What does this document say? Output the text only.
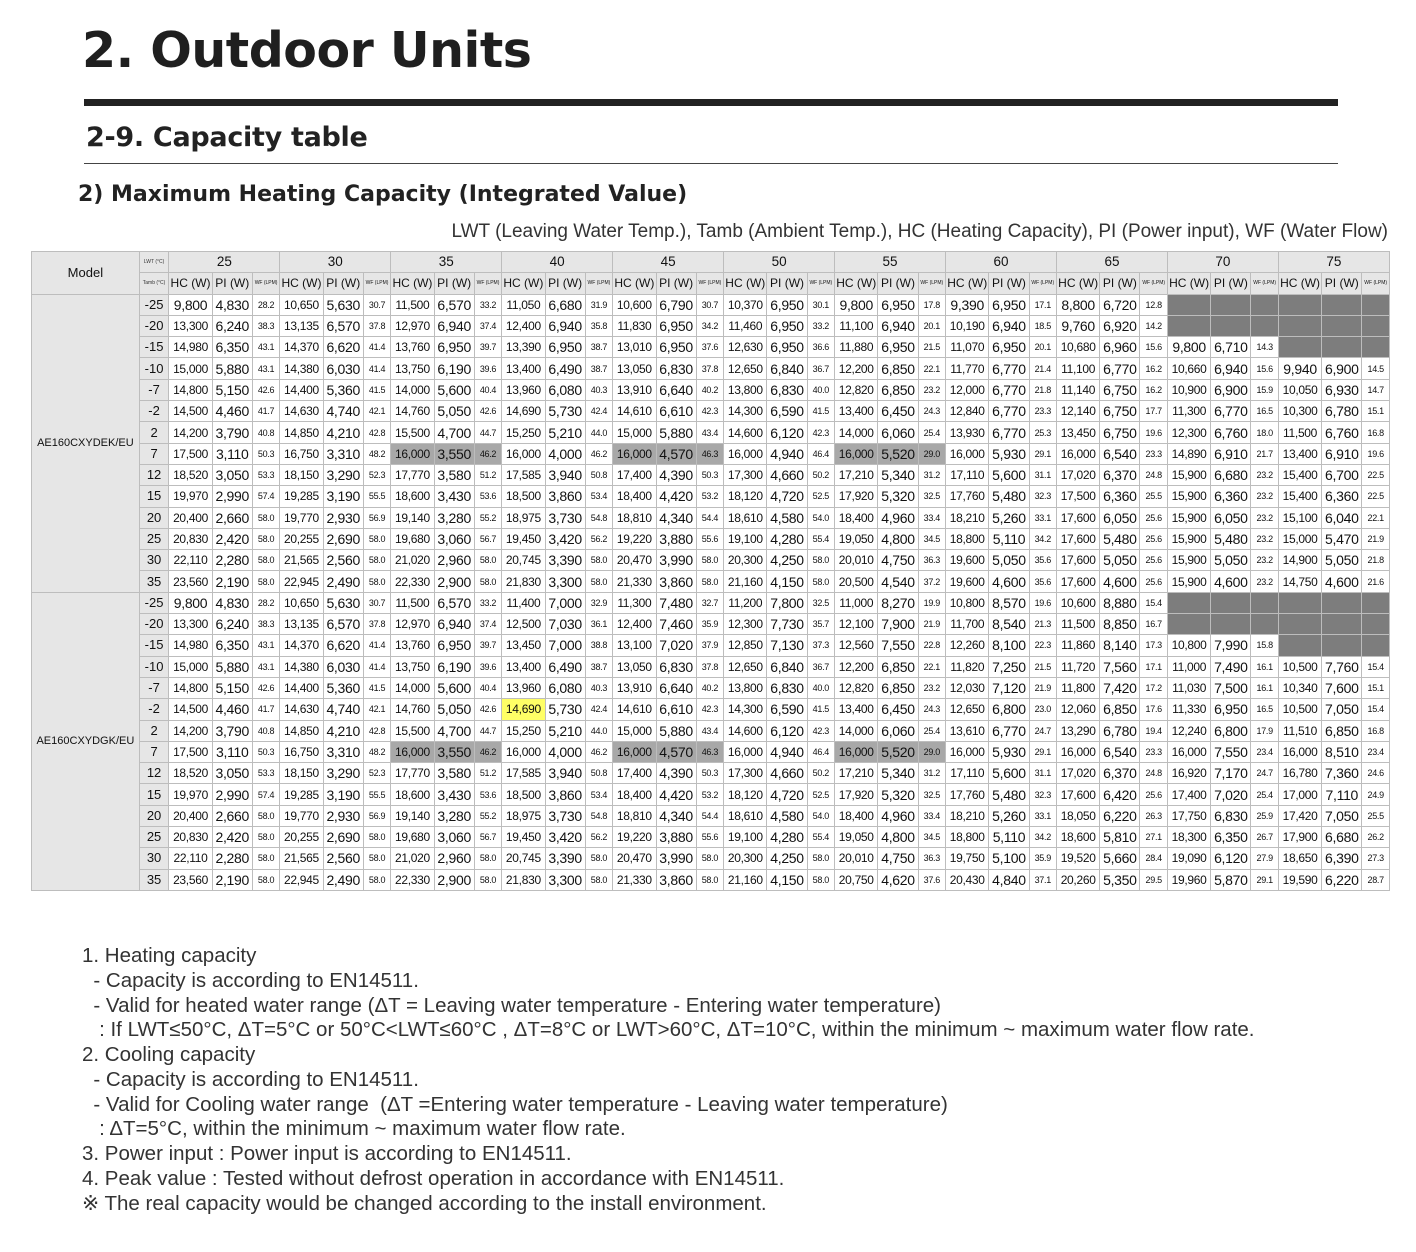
2. Outdoor Units
2-9. Capacity table
2) Maximum Heating Capacity (Integrated Value)
LWT (Leaving Water Temp.), Tamb (Ambient Temp.), HC (Heating Capacity), PI (Power input), WF (Water Flow)
Model	LWT (°C)	25			30			35			40			45			50			55			60			65			70			75		
	Tamb (°C)	HC (W)	PI (W)	WF (LPM)	HC (W)	PI (W)	WF (LPM)	HC (W)	PI (W)	WF (LPM)	HC (W)	PI (W)	WF (LPM)	HC (W)	PI (W)	WF (LPM)	HC (W)	PI (W)	WF (LPM)	HC (W)	PI (W)	WF (LPM)	HC (W)	PI (W)	WF (LPM)	HC (W)	PI (W)	WF (LPM)	HC (W)	PI (W)	WF (LPM)	HC (W)	PI (W)	WF (LPM)
AE160CXYDEK/EU	-25	9,800	4,830	28.2	10,650	5,630	30.7	11,500	6,570	33.2	11,050	6,680	31.9	10,600	6,790	30.7	10,370	6,950	30.1	9,800	6,950	17.8	9,390	6,950	17.1	8,800	6,720	12.8						
	-20	13,300	6,240	38.3	13,135	6,570	37.8	12,970	6,940	37.4	12,400	6,940	35.8	11,830	6,950	34.2	11,460	6,950	33.2	11,100	6,940	20.1	10,190	6,940	18.5	9,760	6,920	14.2						
	-15	14,980	6,350	43.1	14,370	6,620	41.4	13,760	6,950	39.7	13,390	6,950	38.7	13,010	6,950	37.6	12,630	6,950	36.6	11,880	6,950	21.5	11,070	6,950	20.1	10,680	6,960	15.6	9,800	6,710	14.3			
	-10	15,000	5,880	43.1	14,380	6,030	41.4	13,750	6,190	39.6	13,400	6,490	38.7	13,050	6,830	37.8	12,650	6,840	36.7	12,200	6,850	22.1	11,770	6,770	21.4	11,100	6,770	16.2	10,660	6,940	15.6	9,940	6,900	14.5
	-7	14,800	5,150	42.6	14,400	5,360	41.5	14,000	5,600	40.4	13,960	6,080	40.3	13,910	6,640	40.2	13,800	6,830	40.0	12,820	6,850	23.2	12,000	6,770	21.8	11,140	6,750	16.2	10,900	6,900	15.9	10,050	6,930	14.7
	-2	14,500	4,460	41.7	14,630	4,740	42.1	14,760	5,050	42.6	14,690	5,730	42.4	14,610	6,610	42.3	14,300	6,590	41.5	13,400	6,450	24.3	12,840	6,770	23.3	12,140	6,750	17.7	11,300	6,770	16.5	10,300	6,780	15.1
	2	14,200	3,790	40.8	14,850	4,210	42.8	15,500	4,700	44.7	15,250	5,210	44.0	15,000	5,880	43.4	14,600	6,120	42.3	14,000	6,060	25.4	13,930	6,770	25.3	13,450	6,750	19.6	12,300	6,760	18.0	11,500	6,760	16.8
	7	17,500	3,110	50.3	16,750	3,310	48.2	16,000	3,550	46.2	16,000	4,000	46.2	16,000	4,570	46.3	16,000	4,940	46.4	16,000	5,520	29.0	16,000	5,930	29.1	16,000	6,540	23.3	14,890	6,910	21.7	13,400	6,910	19.6
	12	18,520	3,050	53.3	18,150	3,290	52.3	17,770	3,580	51.2	17,585	3,940	50.8	17,400	4,390	50.3	17,300	4,660	50.2	17,210	5,340	31.2	17,110	5,600	31.1	17,020	6,370	24.8	15,900	6,680	23.2	15,400	6,700	22.5
	15	19,970	2,990	57.4	19,285	3,190	55.5	18,600	3,430	53.6	18,500	3,860	53.4	18,400	4,420	53.2	18,120	4,720	52.5	17,920	5,320	32.5	17,760	5,480	32.3	17,500	6,360	25.5	15,900	6,360	23.2	15,400	6,360	22.5
	20	20,400	2,660	58.0	19,770	2,930	56.9	19,140	3,280	55.2	18,975	3,730	54.8	18,810	4,340	54.4	18,610	4,580	54.0	18,400	4,960	33.4	18,210	5,260	33.1	17,600	6,050	25.6	15,900	6,050	23.2	15,100	6,040	22.1
	25	20,830	2,420	58.0	20,255	2,690	58.0	19,680	3,060	56.7	19,450	3,420	56.2	19,220	3,880	55.6	19,100	4,280	55.4	19,050	4,800	34.5	18,800	5,110	34.2	17,600	5,480	25.6	15,900	5,480	23.2	15,000	5,470	21.9
	30	22,110	2,280	58.0	21,565	2,560	58.0	21,020	2,960	58.0	20,745	3,390	58.0	20,470	3,990	58.0	20,300	4,250	58.0	20,010	4,750	36.3	19,600	5,050	35.6	17,600	5,050	25.6	15,900	5,050	23.2	14,900	5,050	21.8
	35	23,560	2,190	58.0	22,945	2,490	58.0	22,330	2,900	58.0	21,830	3,300	58.0	21,330	3,860	58.0	21,160	4,150	58.0	20,500	4,540	37.2	19,600	4,600	35.6	17,600	4,600	25.6	15,900	4,600	23.2	14,750	4,600	21.6
AE160CXYDGK/EU	-25	9,800	4,830	28.2	10,650	5,630	30.7	11,500	6,570	33.2	11,400	7,000	32.9	11,300	7,480	32.7	11,200	7,800	32.5	11,000	8,270	19.9	10,800	8,570	19.6	10,600	8,880	15.4						
	-20	13,300	6,240	38.3	13,135	6,570	37.8	12,970	6,940	37.4	12,500	7,030	36.1	12,400	7,460	35.9	12,300	7,730	35.7	12,100	7,900	21.9	11,700	8,540	21.3	11,500	8,850	16.7						
	-15	14,980	6,350	43.1	14,370	6,620	41.4	13,760	6,950	39.7	13,450	7,000	38.8	13,100	7,020	37.9	12,850	7,130	37.3	12,560	7,550	22.8	12,260	8,100	22.3	11,860	8,140	17.3	10,800	7,990	15.8			
	-10	15,000	5,880	43.1	14,380	6,030	41.4	13,750	6,190	39.6	13,400	6,490	38.7	13,050	6,830	37.8	12,650	6,840	36.7	12,200	6,850	22.1	11,820	7,250	21.5	11,720	7,560	17.1	11,000	7,490	16.1	10,500	7,760	15.4
	-7	14,800	5,150	42.6	14,400	5,360	41.5	14,000	5,600	40.4	13,960	6,080	40.3	13,910	6,640	40.2	13,800	6,830	40.0	12,820	6,850	23.2	12,030	7,120	21.9	11,800	7,420	17.2	11,030	7,500	16.1	10,340	7,600	15.1
	-2	14,500	4,460	41.7	14,630	4,740	42.1	14,760	5,050	42.6	14,690	5,730	42.4	14,610	6,610	42.3	14,300	6,590	41.5	13,400	6,450	24.3	12,650	6,800	23.0	12,060	6,850	17.6	11,330	6,950	16.5	10,500	7,050	15.4
	2	14,200	3,790	40.8	14,850	4,210	42.8	15,500	4,700	44.7	15,250	5,210	44.0	15,000	5,880	43.4	14,600	6,120	42.3	14,000	6,060	25.4	13,610	6,770	24.7	13,290	6,780	19.4	12,240	6,800	17.9	11,510	6,850	16.8
	7	17,500	3,110	50.3	16,750	3,310	48.2	16,000	3,550	46.2	16,000	4,000	46.2	16,000	4,570	46.3	16,000	4,940	46.4	16,000	5,520	29.0	16,000	5,930	29.1	16,000	6,540	23.3	16,000	7,550	23.4	16,000	8,510	23.4
	12	18,520	3,050	53.3	18,150	3,290	52.3	17,770	3,580	51.2	17,585	3,940	50.8	17,400	4,390	50.3	17,300	4,660	50.2	17,210	5,340	31.2	17,110	5,600	31.1	17,020	6,370	24.8	16,920	7,170	24.7	16,780	7,360	24.6
	15	19,970	2,990	57.4	19,285	3,190	55.5	18,600	3,430	53.6	18,500	3,860	53.4	18,400	4,420	53.2	18,120	4,720	52.5	17,920	5,320	32.5	17,760	5,480	32.3	17,600	6,420	25.6	17,400	7,020	25.4	17,000	7,110	24.9
	20	20,400	2,660	58.0	19,770	2,930	56.9	19,140	3,280	55.2	18,975	3,730	54.8	18,810	4,340	54.4	18,610	4,580	54.0	18,400	4,960	33.4	18,210	5,260	33.1	18,050	6,220	26.3	17,750	6,830	25.9	17,420	7,050	25.5
	25	20,830	2,420	58.0	20,255	2,690	58.0	19,680	3,060	56.7	19,450	3,420	56.2	19,220	3,880	55.6	19,100	4,280	55.4	19,050	4,800	34.5	18,800	5,110	34.2	18,600	5,810	27.1	18,300	6,350	26.7	17,900	6,680	26.2
	30	22,110	2,280	58.0	21,565	2,560	58.0	21,020	2,960	58.0	20,745	3,390	58.0	20,470	3,990	58.0	20,300	4,250	58.0	20,010	4,750	36.3	19,750	5,100	35.9	19,520	5,660	28.4	19,090	6,120	27.9	18,650	6,390	27.3
	35	23,560	2,190	58.0	22,945	2,490	58.0	22,330	2,900	58.0	21,830	3,300	58.0	21,330	3,860	58.0	21,160	4,150	58.0	20,750	4,620	37.6	20,430	4,840	37.1	20,260	5,350	29.5	19,960	5,870	29.1	19,590	6,220	28.7
1. Heating capacity
- Capacity is according to EN14511.
- Valid for heated water range (ΔT = Leaving water temperature - Entering water temperature)
: If LWT≤50°C, ΔT=5°C or 50°C<LWT≤60°C , ΔT=8°C or LWT>60°C, ΔT=10°C, within the minimum ~ maximum water flow rate.
2. Cooling capacity
- Capacity is according to EN14511.
- Valid for Cooling water range  (ΔT =Entering water temperature - Leaving water temperature)
: ΔT=5°C, within the minimum ~ maximum water flow rate.
3. Power input : Power input is according to EN14511.
4. Peak value : Tested without defrost operation in accordance with EN14511.
※ The real capacity would be changed according to the install environment.
